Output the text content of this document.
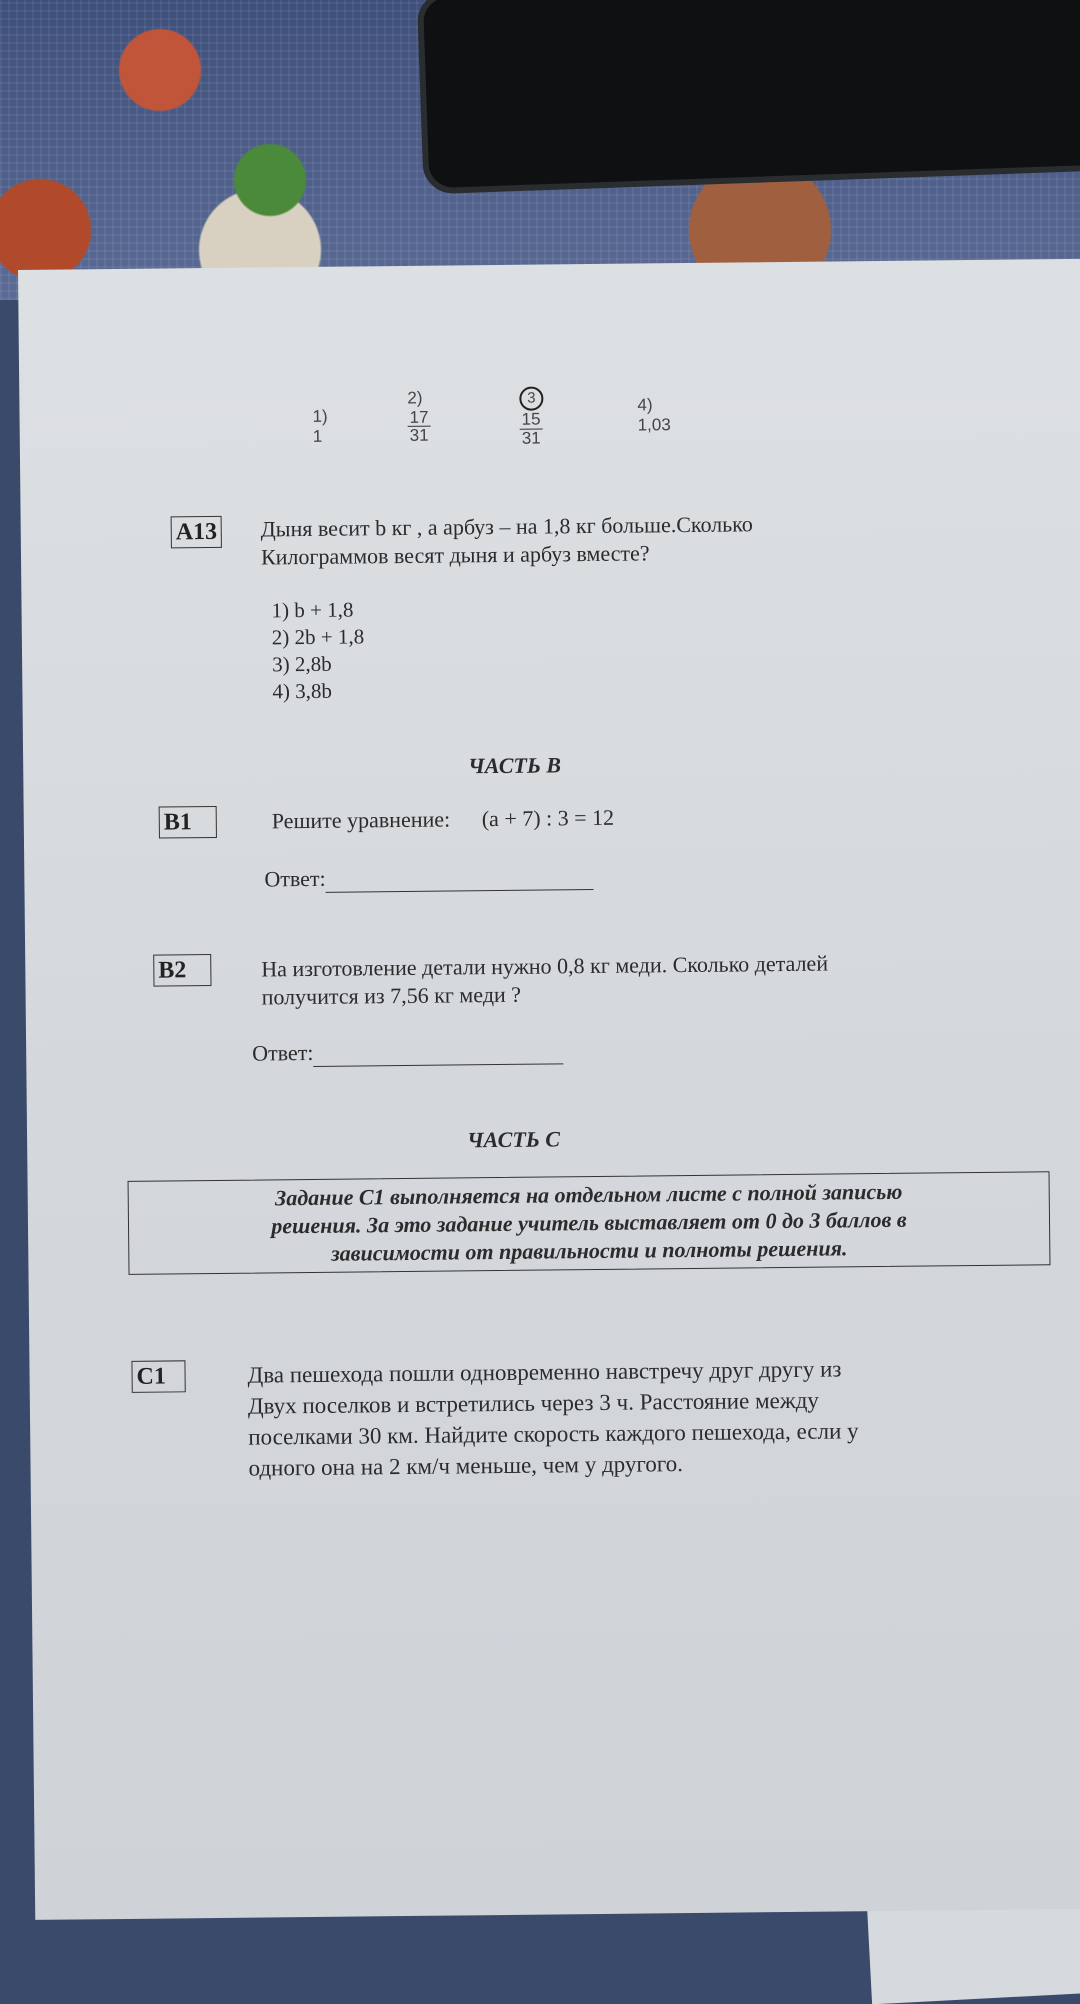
1) 1
2)
$\frac{17}{31}$
3
$\frac{15}{31}$
4) 1,03
А13 Дыня весит b кг , а арбуз – на 1,8 кг больше.Сколько
Килограммов весят дыня и арбуз вместе?
1) b + 1,8
2) 2b + 1,8
3) 2,8b
4) 3,8b
ЧАСТЬ В
В1	Решите уравнение: (a + 7) : 3 = 12
Ответ:
В2	На изготовление детали нужно 0,8 кг меди. Сколько деталей
получится из 7,56 кг меди ?
Ответ:
ЧАСТЬ С
Задание С1 выполняется на отдельном листе с полной записью
решения. За это задание учитель выставляет от 0 до 3 баллов в
зависимости от правильности и полноты решения.
С1	Два пешехода пошли одновременно навстречу друг другу из
Двух поселков и встретились через 3 ч. Расстояние между
поселками 30 км. Найдите скорость каждого пешехода, если у
одного она на 2 км/ч меньше, чем у другого.
